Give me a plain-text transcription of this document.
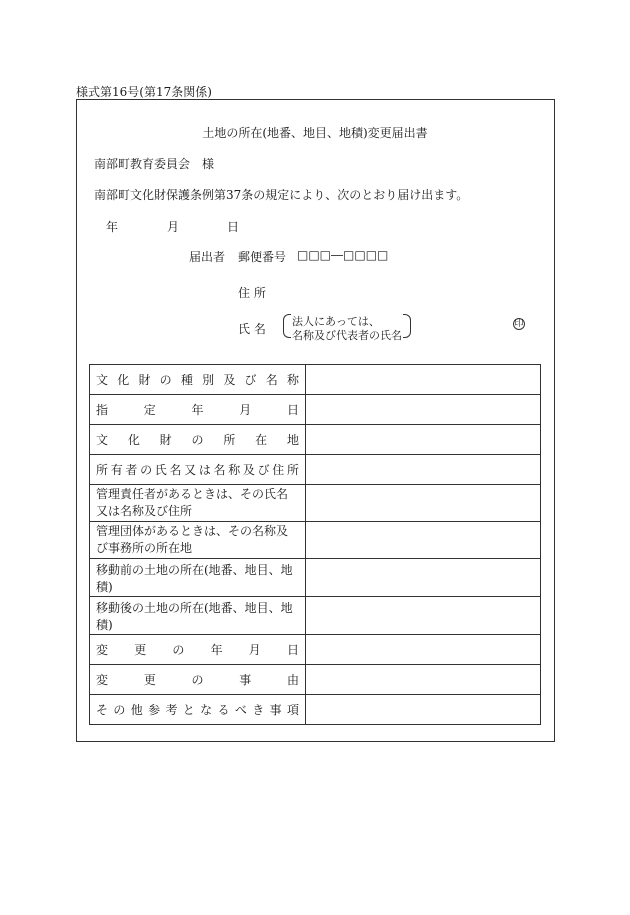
様式第16号(第17条関係)
土地の所在(地番、地目、地積)変更届出書
南部町教育委員会　様
南部町文化財保護条例第37条の規定により、次のとおり届け出ます。
年	月	日
届出者 郵便番号 □□□―□□□□
住 所
氏 名
法人にあっては、
名称及び代表者の氏名
印
文化財の種別及び名称	

指定年月日	

文化財の所在地	

所有者の氏名又は名称及び住所	

管理責任者があるときは、その氏名又は名称及び住所	

管理団体があるときは、その名称及び事務所の所在地	

移動前の土地の所在(地番、地目、地積)	

移動後の土地の所在(地番、地目、地積)	

変更の年月日	

変更の事由	

その他参考となるべき事項	
